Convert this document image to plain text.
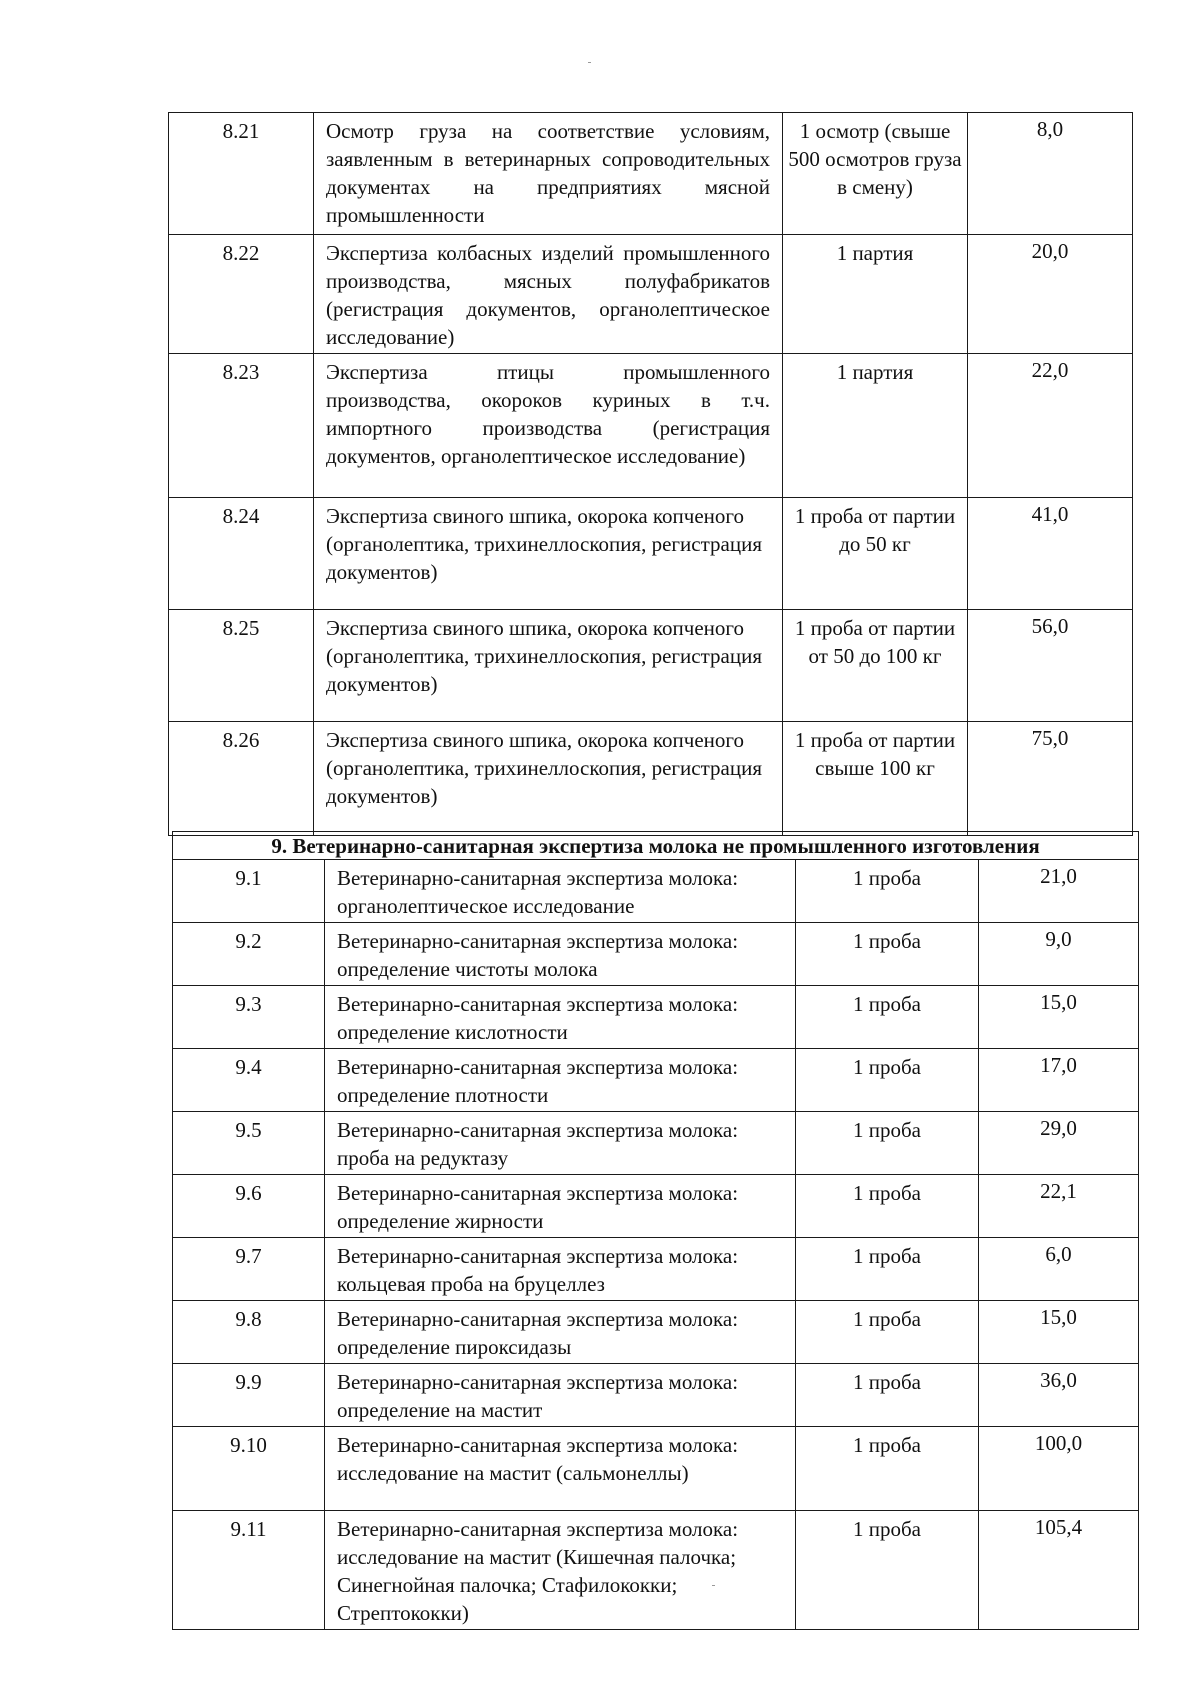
8.21	Осмотр груза на соответствие условиям, заявленным в ветеринарных сопроводительных документах на предприятиях мясной промышленности	1 осмотр (свыше 500 осмотров груза в смену)	8,0
8.22	Экспертиза колбасных изделий промышленного производства, мясных полуфабрикатов (регистрация документов, органолептическое исследование)	1 партия	20,0
8.23	Экспертиза птицы промышленного производства, окороков куриных в т.ч. импортного производства (регистрация документов, органолептическое исследование)	1 партия	22,0
8.24	Экспертиза свиного шпика, окорока копченого (органолептика, трихинеллоскопия, регистрация документов)	1 проба от партии до 50 кг	41,0
8.25	Экспертиза свиного шпика, окорока копченого (органолептика, трихинеллоскопия, регистрация документов)	1 проба от партии от 50 до 100 кг	56,0
8.26	Экспертиза свиного шпика, окорока копченого (органолептика, трихинеллоскопия, регистрация документов)	1 проба от партии свыше 100 кг	75,0
9. Ветеринарно-санитарная экспертиза молока не промышленного изготовления			
9.1	Ветеринарно-санитарная экспертиза молока: органолептическое исследование	1 проба	21,0
9.2	Ветеринарно-санитарная экспертиза молока: определение чистоты молока	1 проба	9,0
9.3	Ветеринарно-санитарная экспертиза молока: определение кислотности	1 проба	15,0
9.4	Ветеринарно-санитарная экспертиза молока: определение плотности	1 проба	17,0
9.5	Ветеринарно-санитарная экспертиза молока: проба на редуктазу	1 проба	29,0
9.6	Ветеринарно-санитарная экспертиза молока: определение жирности	1 проба	22,1
9.7	Ветеринарно-санитарная экспертиза молока: кольцевая проба на бруцеллез	1 проба	6,0
9.8	Ветеринарно-санитарная экспертиза молока: определение пироксидазы	1 проба	15,0
9.9	Ветеринарно-санитарная экспертиза молока: определение на мастит	1 проба	36,0
9.10	Ветеринарно-санитарная экспертиза молока: исследование на мастит (сальмонеллы)	1 проба	100,0
9.11	Ветеринарно-санитарная экспертиза молока: исследование на мастит (Кишечная палочка; Синегнойная палочка; Стафилококки; Стрептококки)	1 проба	105,4
